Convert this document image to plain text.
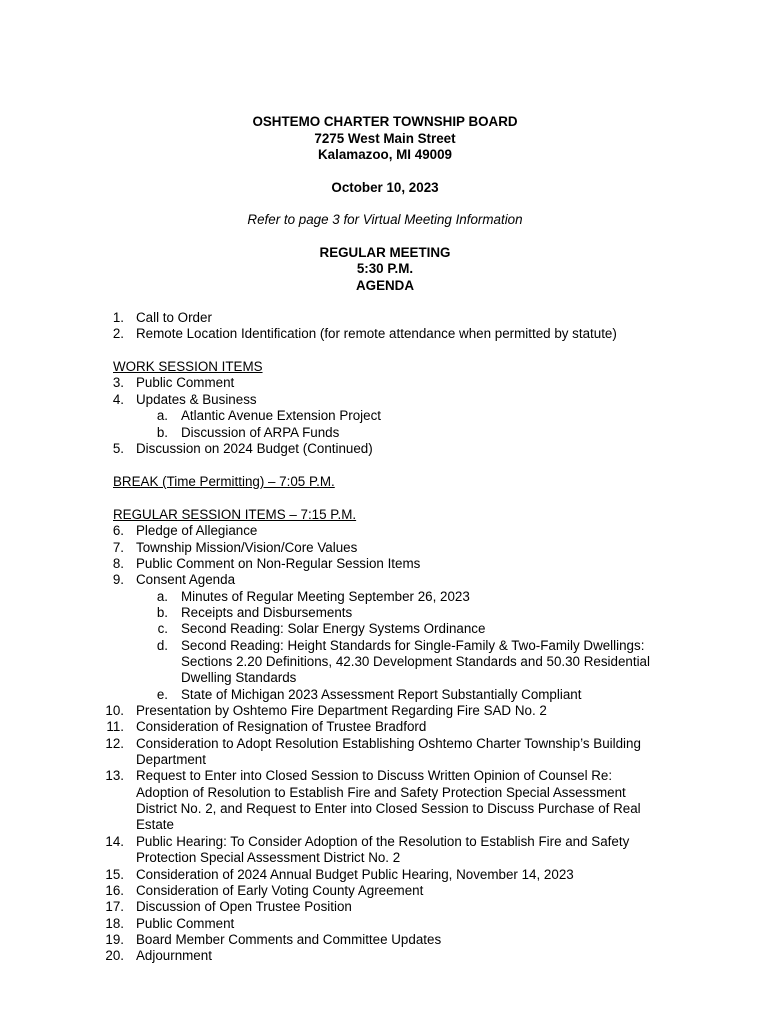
OSHTEMO CHARTER TOWNSHIP BOARD
7275 West Main Street
Kalamazoo, MI 49009
October 10, 2023
Refer to page 3 for Virtual Meeting Information
REGULAR MEETING
5:30 P.M.
AGENDA
1. Call to Order
2. Remote Location Identification (for remote attendance when permitted by statute)
WORK SESSION ITEMS
3. Public Comment
4. Updates & Business
a. Atlantic Avenue Extension Project
b. Discussion of ARPA Funds
5. Discussion on 2024 Budget (Continued)
BREAK (Time Permitting) – 7:05 P.M.
REGULAR SESSION ITEMS – 7:15 P.M.
6. Pledge of Allegiance
7. Township Mission/Vision/Core Values
8. Public Comment on Non-Regular Session Items
9. Consent Agenda
a. Minutes of Regular Meeting September 26, 2023
b. Receipts and Disbursements
c. Second Reading: Solar Energy Systems Ordinance
d. Second Reading: Height Standards for Single-Family & Two-Family Dwellings:
Sections 2.20 Definitions, 42.30 Development Standards and 50.30 Residential
Dwelling Standards
e. State of Michigan 2023 Assessment Report Substantially Compliant
10. Presentation by Oshtemo Fire Department Regarding Fire SAD No. 2
11. Consideration of Resignation of Trustee Bradford
12. Consideration to Adopt Resolution Establishing Oshtemo Charter Township’s Building
Department
13. Request to Enter into Closed Session to Discuss Written Opinion of Counsel Re:
Adoption of Resolution to Establish Fire and Safety Protection Special Assessment
District No. 2, and Request to Enter into Closed Session to Discuss Purchase of Real
Estate
14. Public Hearing: To Consider Adoption of the Resolution to Establish Fire and Safety
Protection Special Assessment District No. 2
15. Consideration of 2024 Annual Budget Public Hearing, November 14, 2023
16. Consideration of Early Voting County Agreement
17. Discussion of Open Trustee Position
18. Public Comment
19. Board Member Comments and Committee Updates
20. Adjournment
